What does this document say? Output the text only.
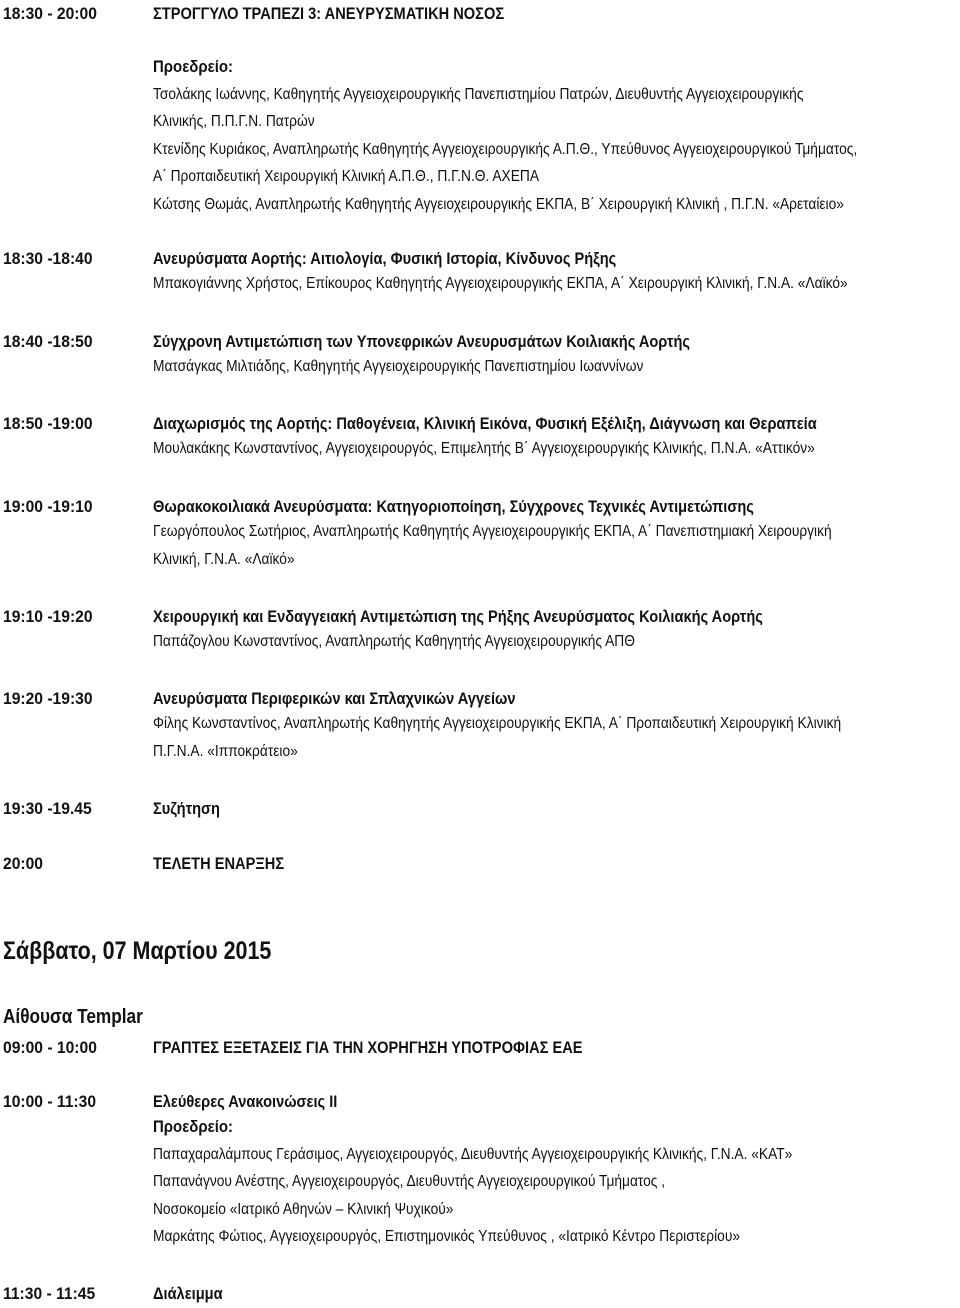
18:30 - 20:00	ΣΤΡΟΓΓΥΛΟ ΤΡΑΠΕΖΙ 3: ΑΝΕΥΡΥΣΜΑΤΙΚΗ ΝΟΣΟΣ
Προεδρείο:
Τσολάκης Ιωάννης, Καθηγητής Αγγειοχειρουργικής Πανεπιστημίου Πατρών, Διευθυντής Αγγειοχειρουργικής
Κλινικής, Π.Π.Γ.Ν. Πατρών
Κτενίδης Κυριάκος, Αναπληρωτής Καθηγητής Αγγειοχειρουργικής Α.Π.Θ., Υπεύθυνος Αγγειοχειρουργικού Τμήματος,
Α΄ Προπαιδευτική Χειρουργική Κλινική Α.Π.Θ., Π.Γ.Ν.Θ. ΑΧΕΠΑ
Κώτσης Θωμάς, Αναπληρωτής Καθηγητής Αγγειοχειρουργικής ΕΚΠΑ, Β΄ Χειρουργική Κλινική , Π.Γ.Ν. «Αρεταίειο»
18:30 -18:40	Ανευρύσματα Αορτής: Αιτιολογία, Φυσική Ιστορία, Κίνδυνος Ρήξης
Μπακογιάννης Χρήστος, Επίκουρος Καθηγητής Αγγειοχειρουργικής ΕΚΠΑ, Α΄ Χειρουργική Κλινική, Γ.Ν.Α. «Λαϊκό»
18:40 -18:50	Σύγχρονη Αντιμετώπιση των Υπονεφρικών Ανευρυσμάτων Κοιλιακής Αορτής
Ματσάγκας Μιλτιάδης, Καθηγητής Αγγειοχειρουργικής Πανεπιστημίου Ιωαννίνων
18:50 -19:00	Διαχωρισμός της Αορτής: Παθογένεια, Κλινική Εικόνα, Φυσική Εξέλιξη, Διάγνωση και Θεραπεία
Μουλακάκης Κωνσταντίνος, Αγγειοχειρουργός, Επιμελητής Β΄ Αγγειοχειρουργικής Κλινικής, Π.Ν.Α. «Αττικόν»
19:00 -19:10	Θωρακοκοιλιακά Ανευρύσματα: Κατηγοριοποίηση, Σύγχρονες Τεχνικές Αντιμετώπισης
Γεωργόπουλος Σωτήριος, Αναπληρωτής Καθηγητής Αγγειοχειρουργικής ΕΚΠΑ, Α΄ Πανεπιστημιακή Χειρουργική
Κλινική, Γ.Ν.Α. «Λαϊκό»
19:10 -19:20	Χειρουργική και Ενδαγγειακή Αντιμετώπιση της Ρήξης Ανευρύσματος Κοιλιακής Αορτής
Παπάζογλου Κωνσταντίνος, Αναπληρωτής Καθηγητής Αγγειοχειρουργικής ΑΠΘ
19:20 -19:30	Ανευρύσματα Περιφερικών και Σπλαχνικών Αγγείων
Φίλης Κωνσταντίνος, Αναπληρωτής Καθηγητής Αγγειοχειρουργικής ΕΚΠΑ, Α΄ Προπαιδευτική Χειρουργική Κλινική
Π.Γ.Ν.Α. «Ιπποκράτειο»
19:30 -19.45	Συζήτηση
20:00	ΤΕΛΕΤΗ ΕΝΑΡΞΗΣ
Σάββατο, 07 Μαρτίου 2015
Αίθουσα Templar
09:00 - 10:00	ΓΡΑΠΤΕΣ ΕΞΕΤΑΣΕΙΣ ΓΙΑ ΤΗΝ ΧΟΡΗΓΗΣΗ ΥΠΟΤΡΟΦΙΑΣ ΕΑΕ
10:00 - 11:30	Ελεύθερες Ανακοινώσεις ΙΙ
Προεδρείο:
Παπαχαραλάμπους Γεράσιμος, Αγγειοχειρουργός, Διευθυντής Αγγειοχειρουργικής Κλινικής, Γ.Ν.Α. «ΚΑΤ»
Παπανάγνου Ανέστης, Αγγειοχειρουργός, Διευθυντής Αγγειοχειρουργικού Τμήματος ,
Νοσοκομείο «Ιατρικό Αθηνών – Κλινική Ψυχικού»
Μαρκάτης Φώτιος, Αγγειοχειρουργός, Επιστημονικός Υπεύθυνος , «Ιατρικό Κέντρο Περιστερίου»
11:30 - 11:45	Διάλειμμα
